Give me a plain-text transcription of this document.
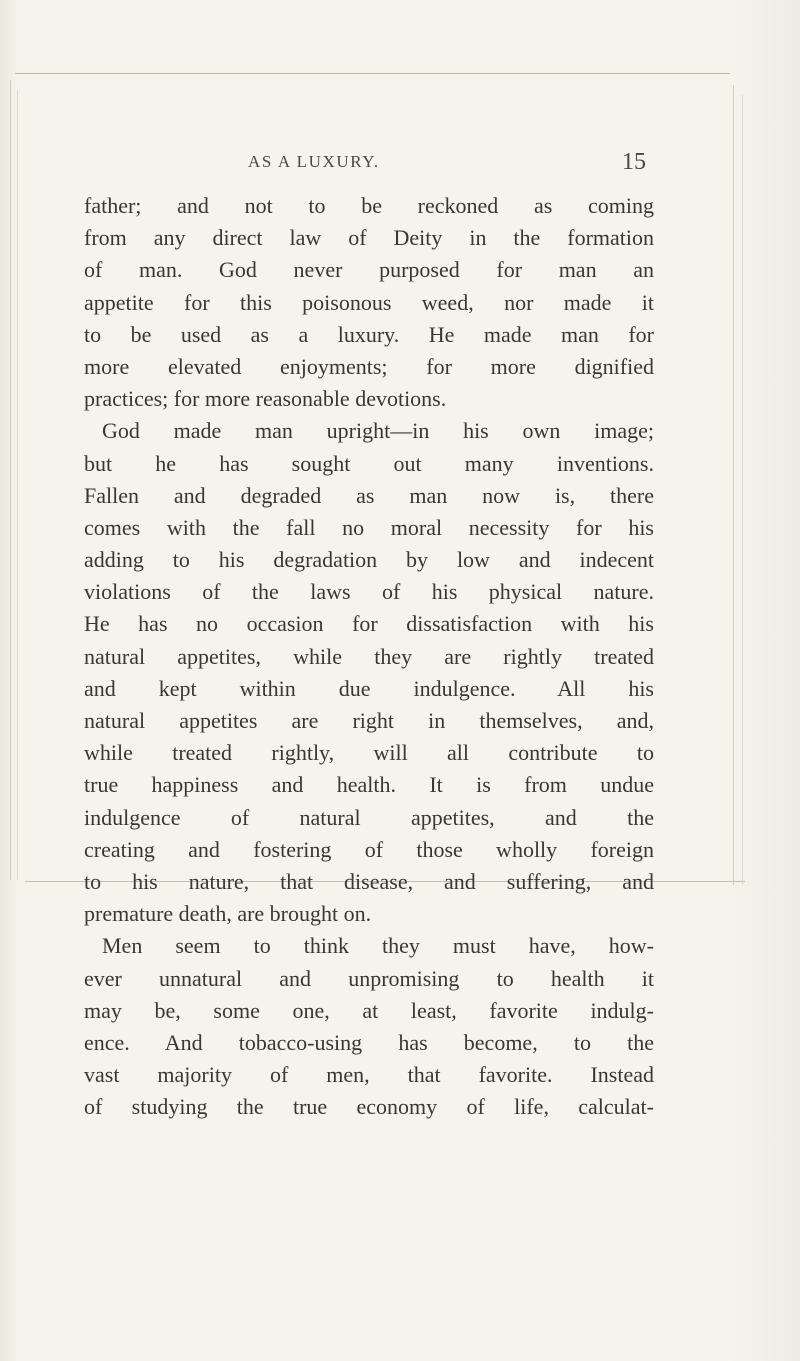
AS A LUXURY.	15
father; and not to be reckoned as coming
from any direct law of Deity in the formation
of man. God never purposed for man an
appetite for this poisonous weed, nor made it
to be used as a luxury. He made man for
more elevated enjoyments; for more dignified
practices; for more reasonable devotions.
God made man upright—in his own image;
but he has sought out many inventions.
Fallen and degraded as man now is, there
comes with the fall no moral necessity for his
adding to his degradation by low and indecent
violations of the laws of his physical nature.
He has no occasion for dissatisfaction with his
natural appetites, while they are rightly treated
and kept within due indulgence. All his
natural appetites are right in themselves, and,
while treated rightly, will all contribute to
true happiness and health. It is from undue
indulgence of natural appetites, and the
creating and fostering of those wholly foreign
to his nature, that disease, and suffering, and
premature death, are brought on.
Men seem to think they must have, how-
ever unnatural and unpromising to health it
may be, some one, at least, favorite indulg-
ence. And tobacco-using has become, to the
vast majority of men, that favorite. Instead
of studying the true economy of life, calculat-
